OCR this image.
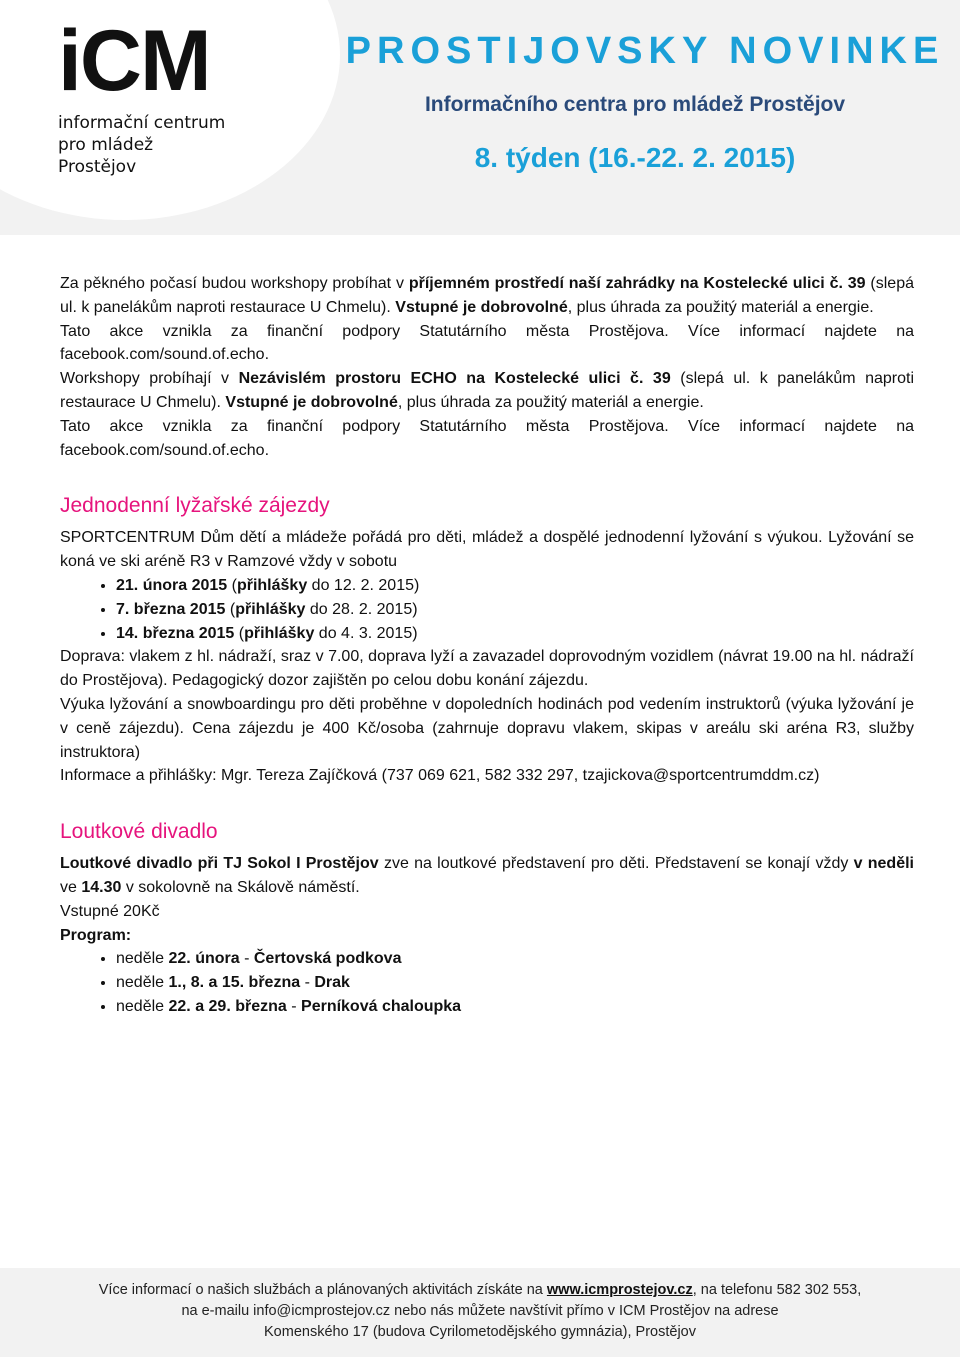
iCM
informační centrum
pro mládež
Prostějov
PROSTIJOVSKY NOVINKE
Informačního centra pro mládež Prostějov
8. týden (16.-22. 2. 2015)

Za pěkného počasí budou workshopy probíhat v příjemném prostředí naší zahrádky na Kostelecké ulici č. 39 (slepá ul. k panelákům naproti restaurace U Chmelu). Vstupné je dobrovolné, plus úhrada za použitý materiál a energie.

Tato akce vznikla za finanční podpory Statutárního města Prostějova. Více informací najdete na facebook.com/sound.of.echo.

Workshopy probíhají v Nezávislém prostoru ECHO na Kostelecké ulici č. 39 (slepá ul. k panelákům naproti restaurace U Chmelu). Vstupné je dobrovolné, plus úhrada za použitý materiál a energie.

Tato akce vznikla za finanční podpory Statutárního města Prostějova. Více informací najdete na facebook.com/sound.of.echo.

Jednodenní lyžařské zájezdy

SPORTCENTRUM Dům dětí a mládeže pořádá pro děti, mládež a dospělé jednodenní lyžování s výukou. Lyžování se koná ve ski aréně R3 v Ramzové vždy v sobotu

• 21. února 2015 (přihlášky do 12. 2. 2015)
• 7. března 2015 (přihlášky do 28. 2. 2015)
• 14. března 2015 (přihlášky do 4. 3. 2015)

Doprava: vlakem z hl. nádraží, sraz v 7.00, doprava lyží a zavazadel doprovodným vozidlem (návrat 19.00 na hl. nádraží do Prostějova). Pedagogický dozor zajištěn po celou dobu konání zájezdu.

Výuka lyžování a snowboardingu pro děti proběhne v dopoledních hodinách pod vedením instruktorů (výuka lyžování je v ceně zájezdu). Cena zájezdu je 400 Kč/osoba (zahrnuje dopravu vlakem, skipas v areálu ski aréna R3, služby instruktora)

Informace a přihlášky: Mgr. Tereza Zajíčková (737 069 621, 582 332 297, tzajickova@sportcentrumddm.cz)

Loutkové divadlo

Loutkové divadlo při TJ Sokol I Prostějov zve na loutkové představení pro děti. Představení se konají vždy v neděli ve 14.30 v sokolovně na Skálově náměstí.

Vstupné 20Kč

Program:

• neděle 22. února - Čertovská podkova
• neděle 1., 8. a 15. března - Drak
• neděle 22. a 29. března - Perníková chaloupka
Více informací o našich službách a plánovaných aktivitách získáte na www.icmprostejov.cz, na telefonu 582 302 553,
na e-mailu info@icmprostejov.cz nebo nás můžete navštívit přímo v ICM Prostějov na adrese
Komenského 17 (budova Cyrilometodějského gymnázia), Prostějov
